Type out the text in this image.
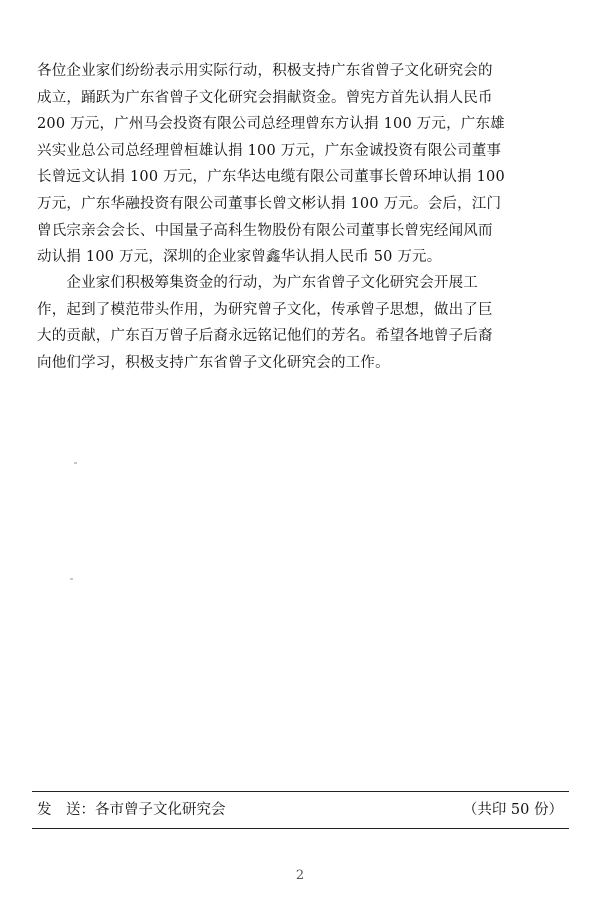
各位企业家们纷纷表示用实际行动，积极支持广东省曾子文化研究会的
成立，踊跃为广东省曾子文化研究会捐献资金。曾宪方首先认捐人民币
200 万元，广州马会投资有限公司总经理曾东方认捐 100 万元，广东雄
兴实业总公司总经理曾桓雄认捐 100 万元，广东金诚投资有限公司董事
长曾远文认捐 100 万元，广东华达电缆有限公司董事长曾环坤认捐 100
万元，广东华融投资有限公司董事长曾文彬认捐 100 万元。会后，江门
曾氏宗亲会会长、中国量子高科生物股份有限公司董事长曾宪经闻风而
动认捐 100 万元，深圳的企业家曾鑫华认捐人民币 50 万元。
　　企业家们积极筹集资金的行动，为广东省曾子文化研究会开展工
作，起到了模范带头作用，为研究曾子文化，传承曾子思想，做出了巨
大的贡献，广东百万曾子后裔永远铭记他们的芳名。希望各地曾子后裔
向他们学习，积极支持广东省曾子文化研究会的工作。
发　送：各市曾子文化研究会	（共印 50 份）
2
